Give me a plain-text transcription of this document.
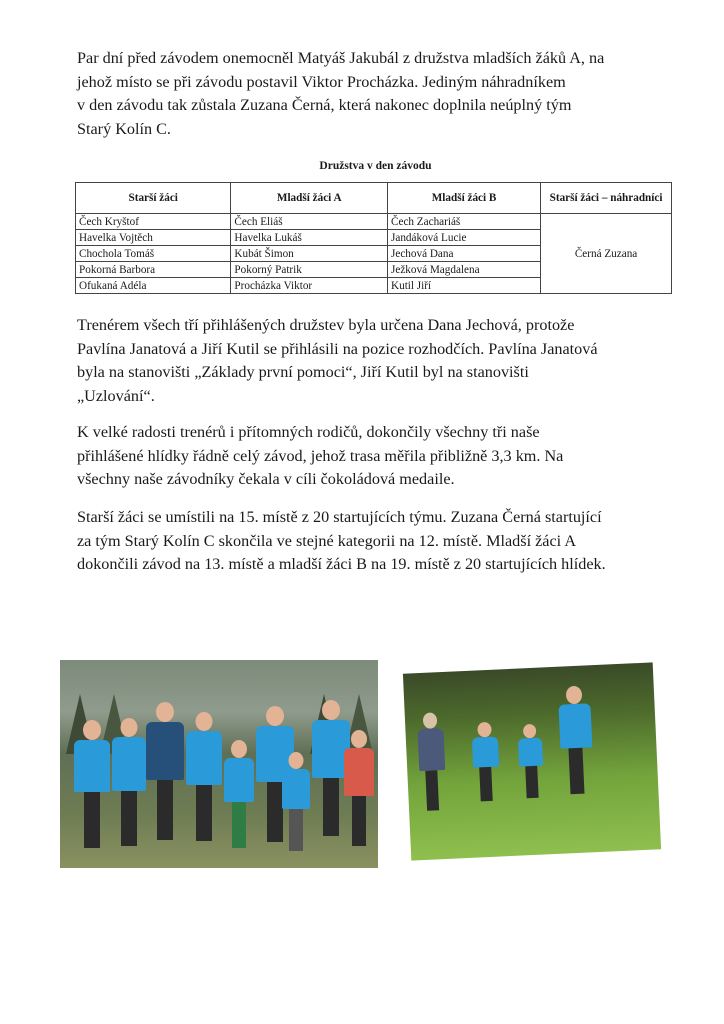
Par dní před závodem onemocněl Matyáš Jakubál z družstva mladších žáků A, na
jehož místo se při závodu postavil Viktor Procházka. Jediným náhradníkem
v den závodu tak zůstala Zuzana Černá, která nakonec doplnila neúplný tým
Starý Kolín C.
Družstva v den závodu
Starší žáci	Mladší žáci A	Mladší žáci B	Starší žáci – náhradníci
Čech Kryštof	Čech Eliáš	Čech Zachariáš	Černá Zuzana
Havelka Vojtěch	Havelka Lukáš	Jandáková Lucie	
Chochola Tomáš	Kubát Šimon	Jechová Dana	
Pokorná Barbora	Pokorný Patrik	Ježková Magdalena	
Ofukaná Adéla	Procházka Viktor	Kutil Jiří	
Trenérem všech tří přihlášených družstev byla určena Dana Jechová, protože
Pavlína Janatová a Jiří Kutil se přihlásili na pozice rozhodčích. Pavlína Janatová
byla na stanovišti „Základy první pomoci“, Jiří Kutil byl na stanovišti
„Uzlování“.
K velké radosti trenérů i přítomných rodičů, dokončily všechny tři naše
přihlášené hlídky řádně celý závod, jehož trasa měřila přibližně 3,3 km. Na
všechny naše závodníky čekala v cíli čokoládová medaile.
Starší žáci se umístili na 15. místě z 20 startujících týmu. Zuzana Černá startující
za tým Starý Kolín C skončila ve stejné kategorii na 12. místě. Mladší žáci A
dokončili závod na 13. místě a mladší žáci B na 19. místě z 20 startujících hlídek.
